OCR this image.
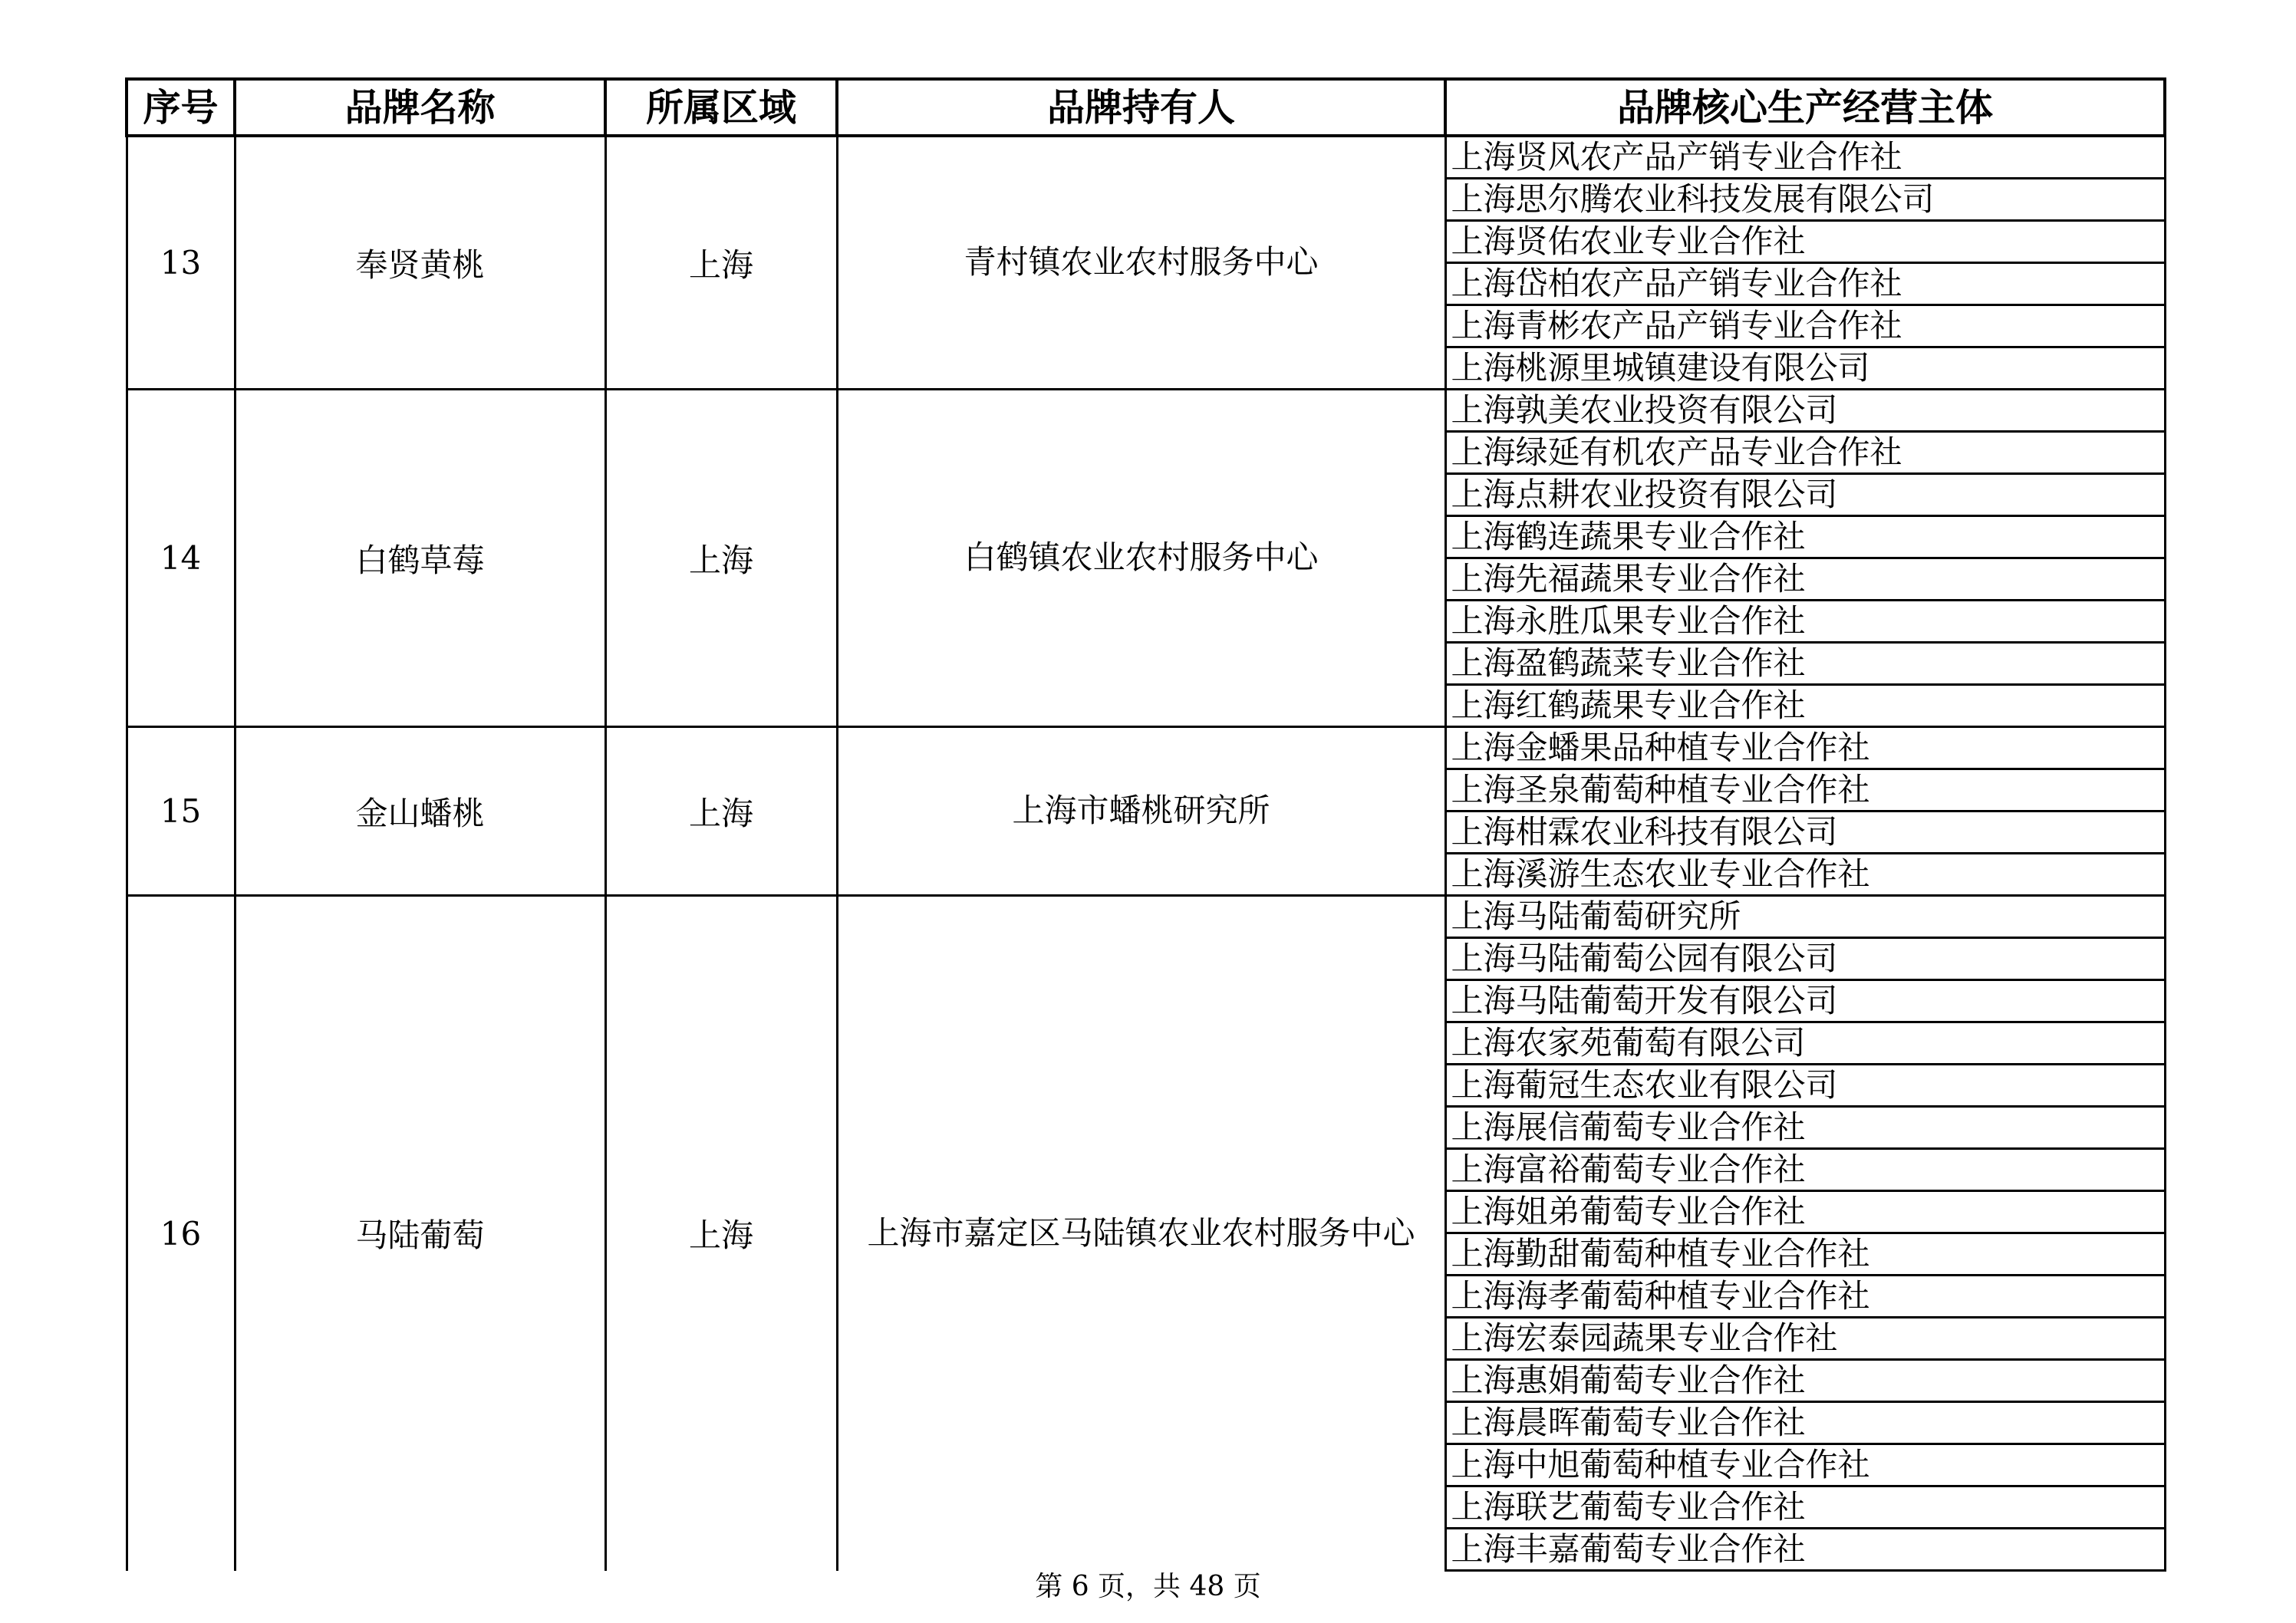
序号	品牌名称	所属区域	品牌持有人	品牌核心生产经营主体
13	奉贤黄桃	上海	青村镇农业农村服务中心	上海贤风农产品产销专业合作社
				上海思尔腾农业科技发展有限公司
				上海贤佑农业专业合作社
				上海岱柏农产品产销专业合作社
				上海青彬农产品产销专业合作社
				上海桃源里城镇建设有限公司
14	白鹤草莓	上海	白鹤镇农业农村服务中心	上海孰美农业投资有限公司
				上海绿延有机农产品专业合作社
				上海点耕农业投资有限公司
				上海鹤连蔬果专业合作社
				上海先福蔬果专业合作社
				上海永胜瓜果专业合作社
				上海盈鹤蔬菜专业合作社
				上海红鹤蔬果专业合作社
15	金山蟠桃	上海	上海市蟠桃研究所	上海金蟠果品种植专业合作社
				上海圣泉葡萄种植专业合作社
				上海柑霖农业科技有限公司
				上海溪游生态农业专业合作社
16	马陆葡萄	上海	上海市嘉定区马陆镇农业农村服务中心	上海马陆葡萄研究所
				上海马陆葡萄公园有限公司
				上海马陆葡萄开发有限公司
				上海农家苑葡萄有限公司
				上海葡冠生态农业有限公司
				上海展信葡萄专业合作社
				上海富裕葡萄专业合作社
				上海姐弟葡萄专业合作社
				上海勤甜葡萄种植专业合作社
				上海海孝葡萄种植专业合作社
				上海宏泰园蔬果专业合作社
				上海惠娟葡萄专业合作社
				上海晨晖葡萄专业合作社
				上海中旭葡萄种植专业合作社
				上海联艺葡萄专业合作社
				上海丰嘉葡萄专业合作社
第 6 页，共 48 页
